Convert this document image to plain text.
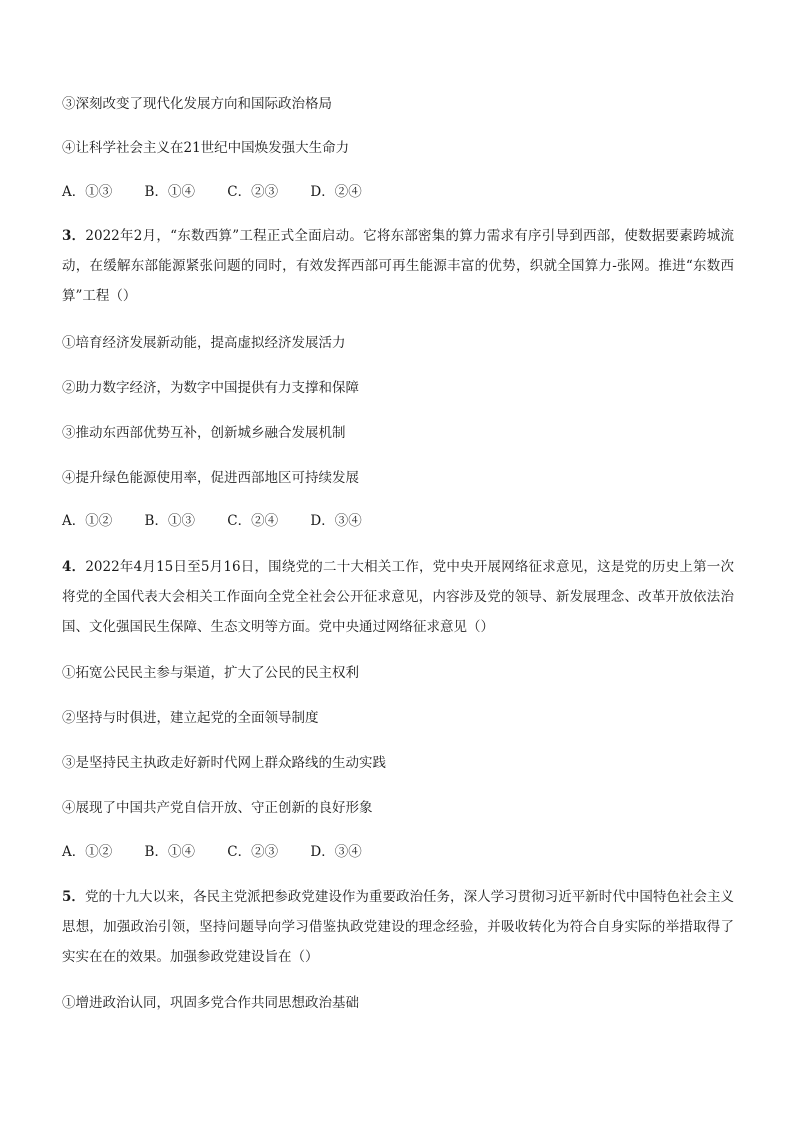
③深刻改变了现代化发展方向和国际政治格局
④让科学社会主义在21世纪中国焕发强大生命力
A．①③ B．①④ C．②③ D．②④
3．2022年2月，“东数西算”工程正式全面启动。它将东部密集的算力需求有序引导到西部，使数据要素跨城流动，在缓解东部能源紧张问题的同时，有效发挥西部可再生能源丰富的优势，织就全国算力-张网。推进“东数西算”工程（）
①培育经济发展新动能，提高虚拟经济发展活力
②助力数字经济，为数字中国提供有力支撑和保障
③推动东西部优势互补，创新城乡融合发展机制
④提升绿色能源使用率，促进西部地区可持续发展
A．①② B．①③ C．②④ D．③④
4．2022年4月15日至5月16日，围绕党的二十大相关工作，党中央开展网络征求意见，这是党的历史上第一次将党的全国代表大会相关工作面向全党全社会公开征求意见，内容涉及党的领导、新发展理念、改革开放依法治国、文化强国民生保障、生态文明等方面。党中央通过网络征求意见（）
①拓宽公民民主参与渠道，扩大了公民的民主权利
②坚持与时俱进，建立起党的全面领导制度
③是坚持民主执政走好新时代网上群众路线的生动实践
④展现了中国共产党自信开放、守正创新的良好形象
A．①② B．①④ C．②③ D．③④
5．党的十九大以来，各民主党派把参政党建设作为重要政治任务，深人学习贯彻习近平新时代中国特色社会主义思想，加强政治引领，坚持问题导向学习借鉴执政党建设的理念经验，并吸收转化为符合自身实际的举措取得了实实在在的效果。加强参政党建设旨在（）
①增进政治认同，巩固多党合作共同思想政治基础
